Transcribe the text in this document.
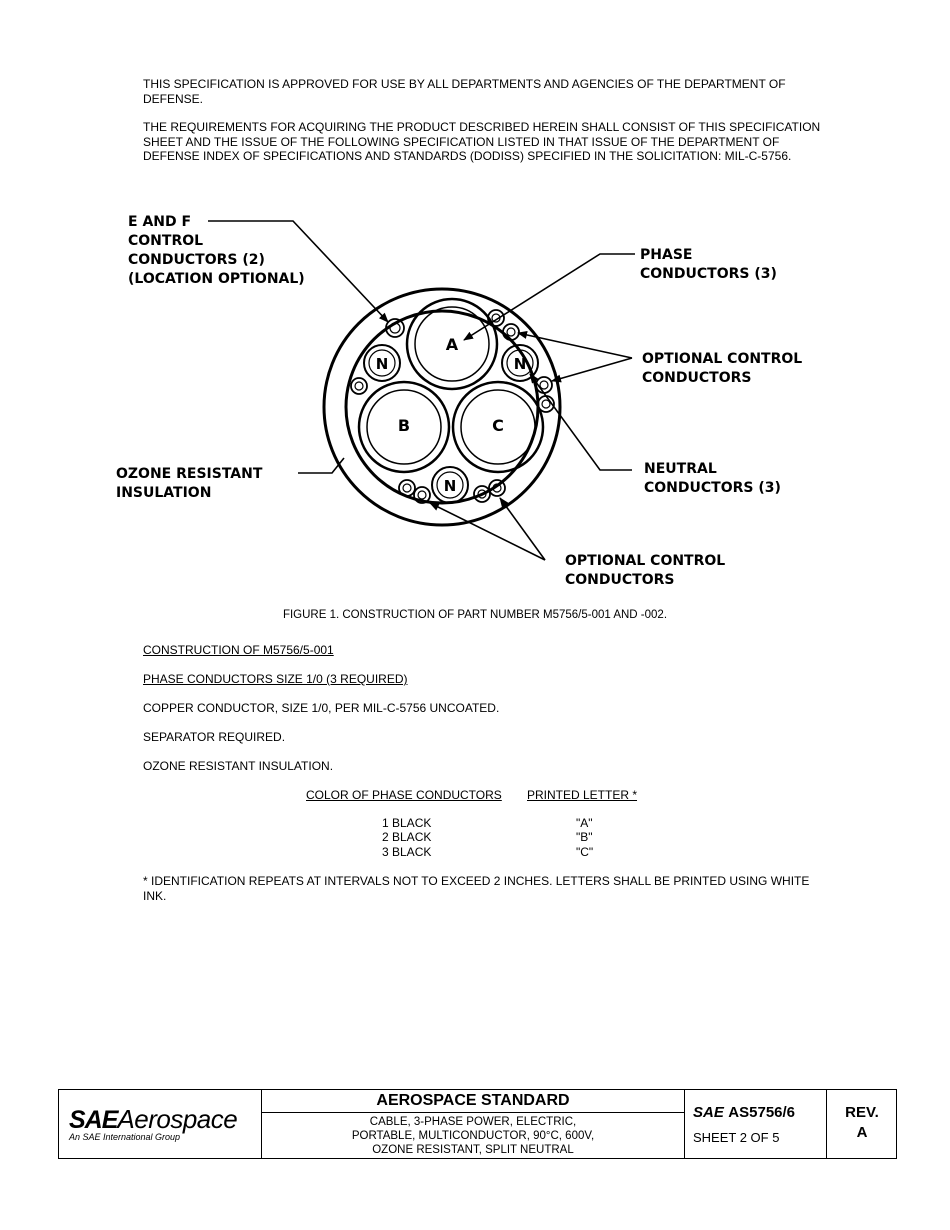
THIS SPECIFICATION IS APPROVED FOR USE BY ALL DEPARTMENTS AND AGENCIES OF THE DEPARTMENT OF DEFENSE.
THE REQUIREMENTS FOR ACQUIRING THE PRODUCT DESCRIBED HEREIN SHALL CONSIST OF THIS SPECIFICATION SHEET AND THE ISSUE OF THE FOLLOWING SPECIFICATION LISTED IN THAT ISSUE OF THE DEPARTMENT OF DEFENSE INDEX OF SPECIFICATIONS AND STANDARDS (DODISS) SPECIFIED IN THE SOLICITATION: MIL-C-5756.
A
B	C
N	N
N
E AND F
CONTROL
CONDUCTORS (2)
(LOCATION OPTIONAL)
PHASE
CONDUCTORS (3)
OPTIONAL CONTROL
CONDUCTORS
NEUTRAL
CONDUCTORS (3)
OZONE RESISTANT
INSULATION
OPTIONAL CONTROL
CONDUCTORS
FIGURE 1. CONSTRUCTION OF PART NUMBER M5756/5-001 AND -002.
CONSTRUCTION OF M5756/5-001
PHASE CONDUCTORS SIZE 1/0 (3 REQUIRED)
COPPER CONDUCTOR, SIZE 1/0, PER MIL-C-5756 UNCOATED.
SEPARATOR REQUIRED.
OZONE RESISTANT INSULATION.
COLOR OF PHASE CONDUCTORS PRINTED LETTER *
1 BLACK	"A"
2 BLACK	"B"
3 BLACK	"C"
* IDENTIFICATION REPEATS AT INTERVALS NOT TO EXCEED 2 INCHES. LETTERS SHALL BE PRINTED USING WHITE INK.
SAEAerospace
An SAE International Group
AEROSPACE STANDARD
CABLE, 3-PHASE POWER, ELECTRIC,
PORTABLE, MULTICONDUCTOR, 90°C, 600V,
OZONE RESISTANT, SPLIT NEUTRAL
SAE AS5756/6
SHEET 2 OF 5
REV.
A
